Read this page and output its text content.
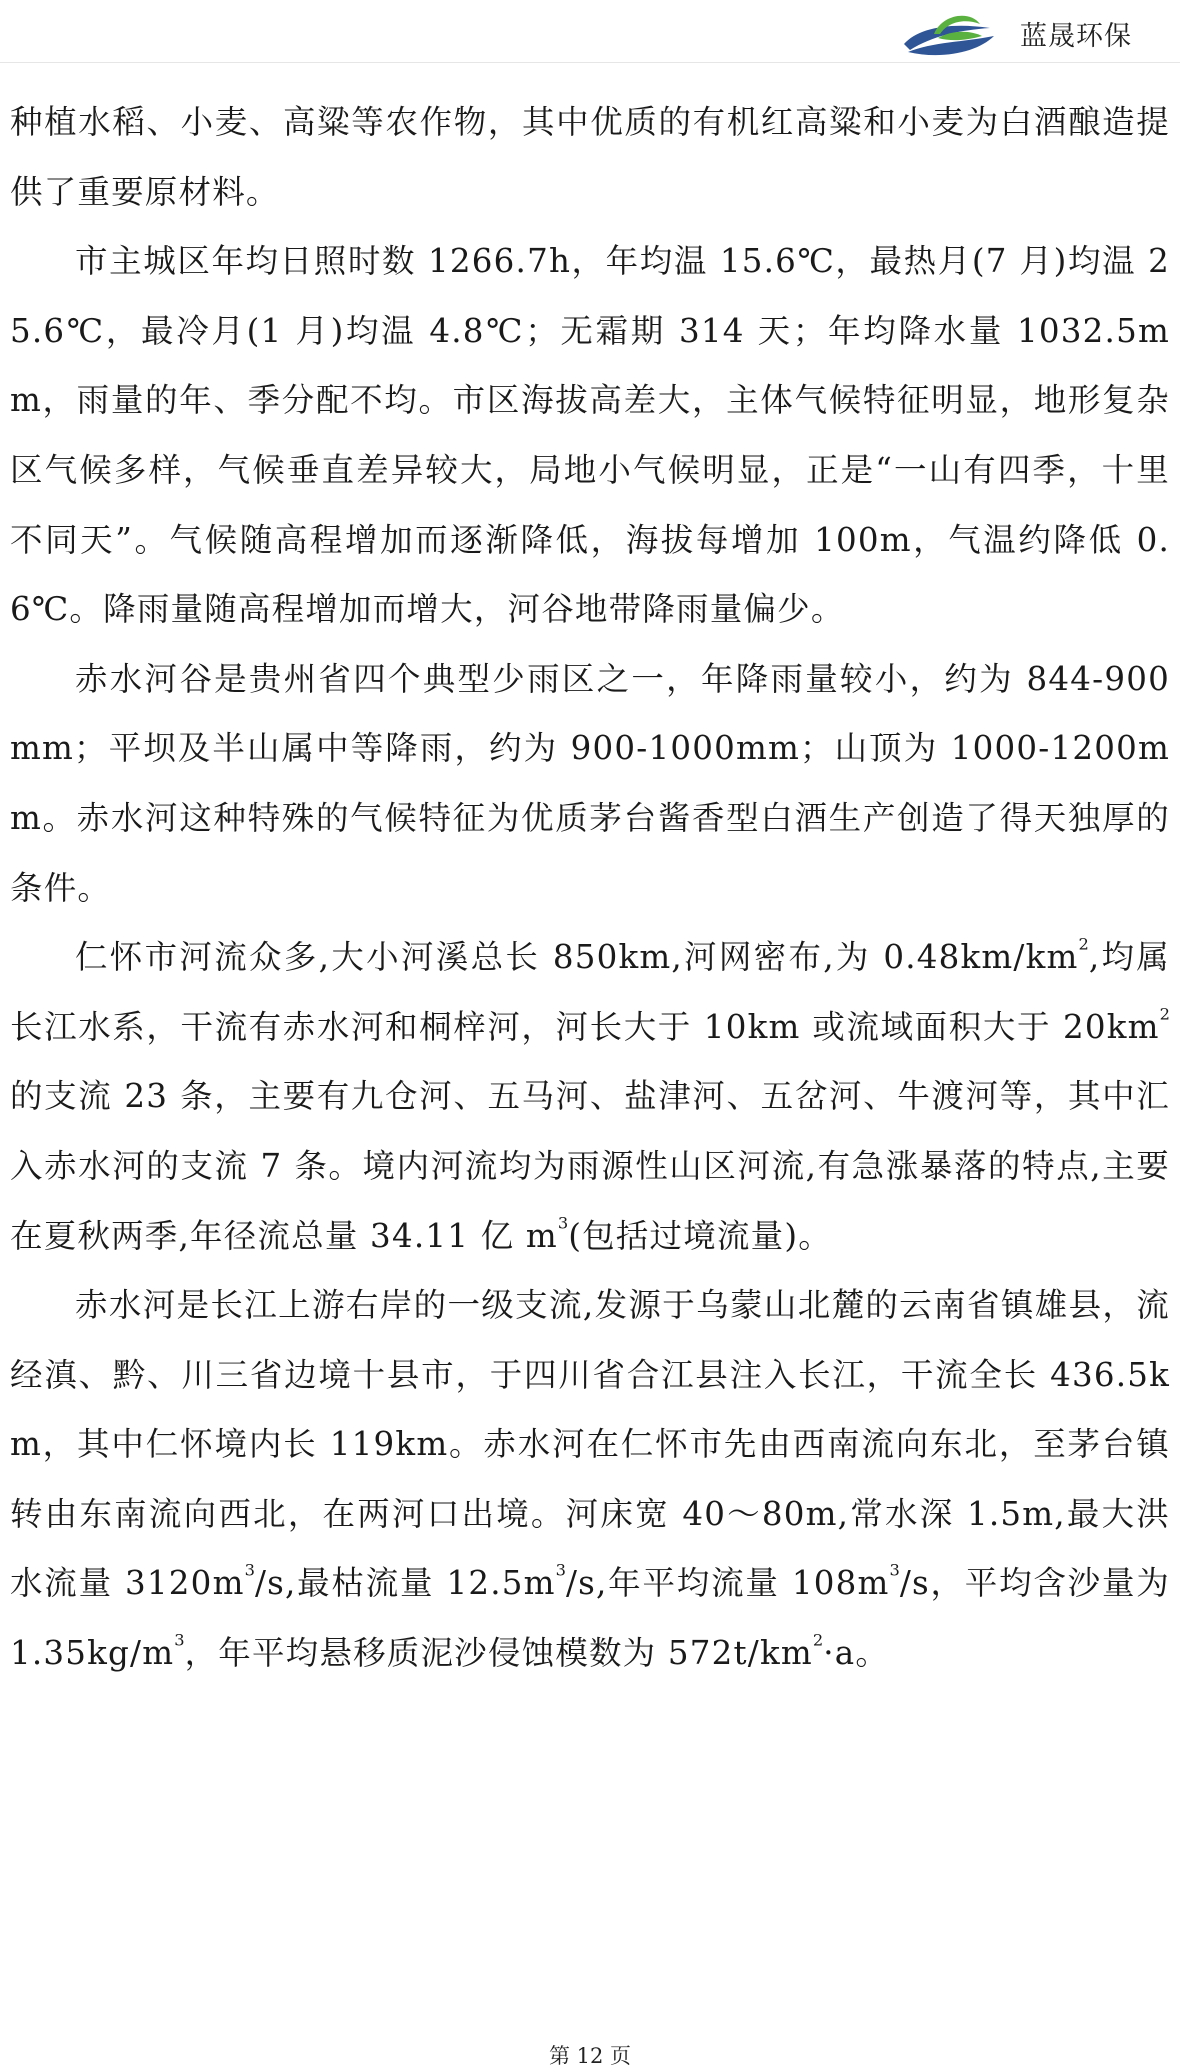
蓝晟环保

种植水稻、小麦、高粱等农作物，其中优质的有机红高粱和小麦为白酒酿造提供了重要原材料。

市主城区年均日照时数 1266.7h，年均温 15.6℃，最热月(7 月)均温 25.6℃，最冷月(1 月)均温 4.8℃；无霜期 314 天；年均降水量 1032.5mm，雨量的年、季分配不均。市区海拔高差大，主体气候特征明显，地形复杂区气候多样，气候垂直差异较大，局地小气候明显，正是“一山有四季，十里不同天”。气候随高程增加而逐渐降低，海拔每增加 100m，气温约降低 0.6℃。降雨量随高程增加而增大，河谷地带降雨量偏少。

赤水河谷是贵州省四个典型少雨区之一，年降雨量较小，约为 844-900mm；平坝及半山属中等降雨，约为 900-1000mm；山顶为 1000-1200mm。赤水河这种特殊的气候特征为优质茅台酱香型白酒生产创造了得天独厚的条件。

仁怀市河流众多,大小河溪总长 850km,河网密布,为 $0.48km/km^2$,均属长江水系，干流有赤水河和桐梓河，河长大于 10km 或流域面积大于 $20km^2$的支流 23 条，主要有九仓河、五马河、盐津河、五岔河、牛渡河等，其中汇入赤水河的支流 7 条。境内河流均为雨源性山区河流,有急涨暴落的特点,主要在夏秋两季,年径流总量 34.11 亿 $m^3$(包括过境流量)。

赤水河是长江上游右岸的一级支流,发源于乌蒙山北麓的云南省镇雄县，流经滇、黔、川三省边境十县市，于四川省合江县注入长江，干流全长 436.5km，其中仁怀境内长 119km。赤水河在仁怀市先由西南流向东北，至茅台镇转由东南流向西北，在两河口出境。河床宽 40～80m,常水深 1.5m,最大洪水流量 $3120m^3/s$,最枯流量 $12.5m^3/s$,年平均流量 $108m^3/s$，平均含沙量为 $1.35kg/m^3$，年平均悬移质泥沙侵蚀模数为 $572t/km^2\cdot a$。

第 12 页
